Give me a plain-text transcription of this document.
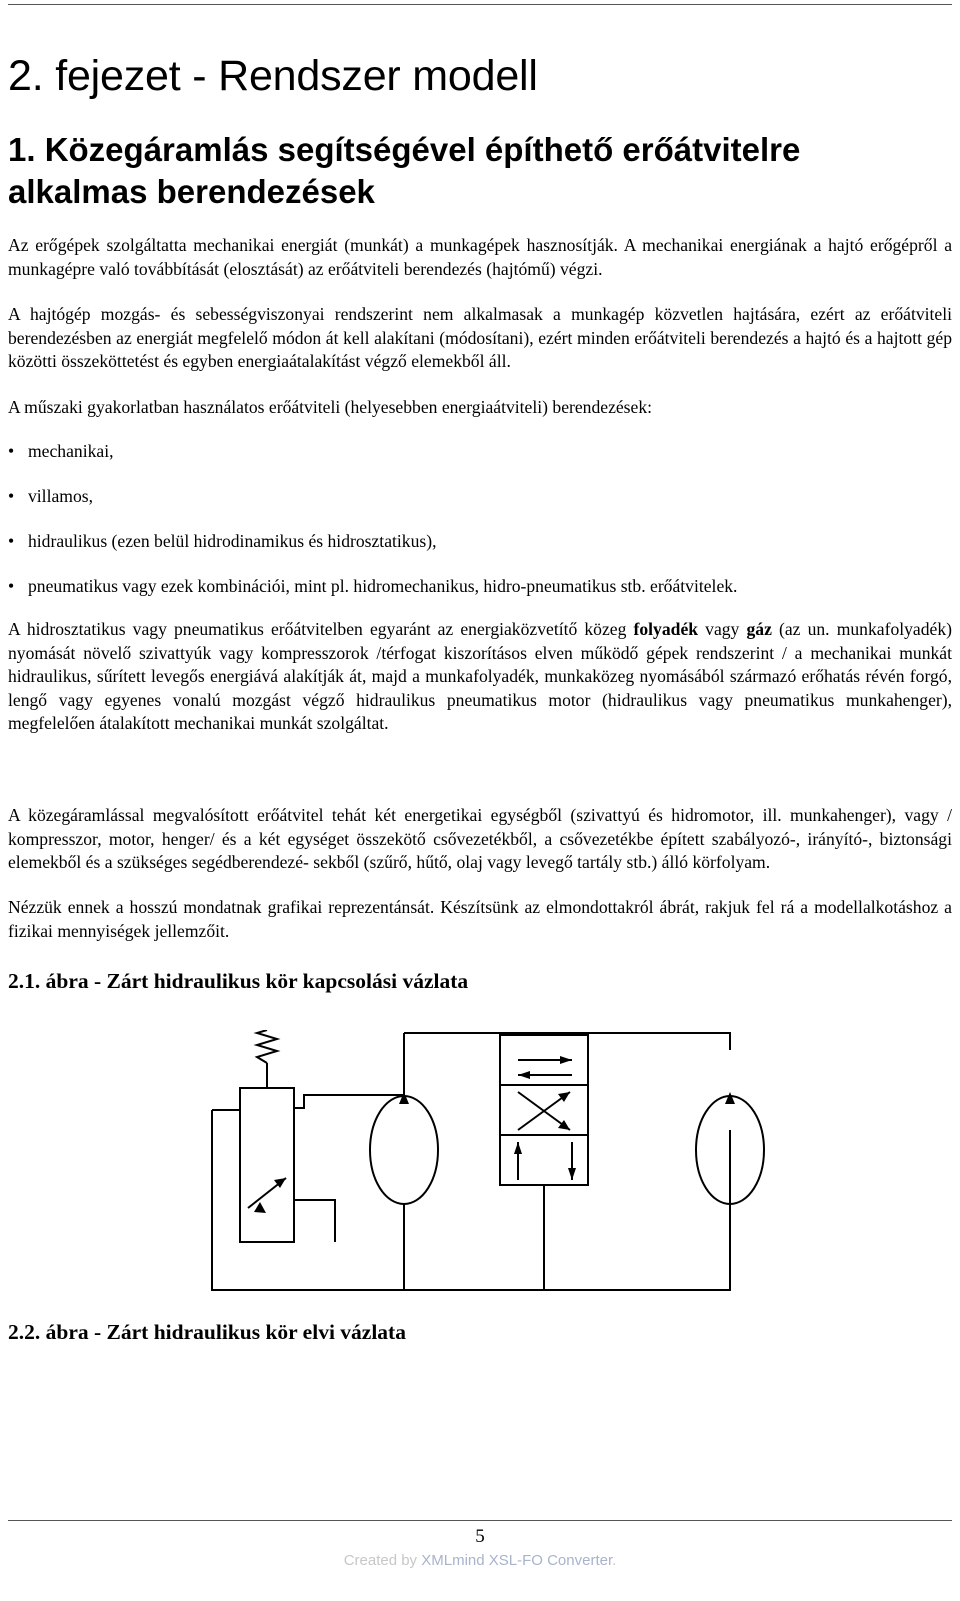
2. fejezet - Rendszer modell
1. Közegáramlás segítségével építhető erőátvitelre alkalmas berendezések

Az erőgépek szolgáltatta mechanikai energiát (munkát) a munkagépek hasznosítják. A mechanikai energiának a hajtó erőgépről a munkagépre való továbbítását (elosztását) az erőátviteli berendezés (hajtómű) végzi.

A hajtógép mozgás- és sebességviszonyai rendszerint nem alkalmasak a munkagép közvetlen hajtására, ezért az erőátviteli berendezésben az energiát megfelelő módon át kell alakítani (módosítani), ezért minden erőátviteli berendezés a hajtó és a hajtott gép közötti összeköttetést és egyben energiaátalakítást végző elemekből áll.

A műszaki gyakorlatban használatos erőátviteli (helyesebben energiaátviteli) berendezések:

• mechanikai,
• villamos,
• hidraulikus (ezen belül hidrodinamikus és hidrosztatikus),
• pneumatikus vagy ezek kombinációi, mint pl. hidromechanikus, hidro-pneumatikus stb. erőátvitelek.

A hidrosztatikus vagy pneumatikus erőátvitelben egyaránt az energiaközvetítő közeg folyadék vagy gáz (az un. munkafolyadék) nyomását növelő szivattyúk vagy kompresszorok /térfogat kiszorításos elven működő gépek rendszerint / a mechanikai munkát hidraulikus, sűrített levegős energiává alakítják át, majd a munkafolyadék, munkaközeg nyomásából származó erőhatás révén forgó, lengő vagy egyenes vonalú mozgást végző hidraulikus pneumatikus motor (hidraulikus vagy pneumatikus munkahenger), megfelelően átalakított mechanikai munkát szolgáltat.

A közegáramlással megvalósított erőátvitel tehát két energetikai egységből (szivattyú és hidromotor, ill. munkahenger), vagy / kompresszor, motor, henger/ és a két egységet összekötő csővezetékből, a csővezetékbe épített szabályozó-, irányító-, biztonsági elemekből és a szükséges segédberendezé- sekből (szűrő, hűtő, olaj vagy levegő tartály stb.) álló körfolyam.

Nézzük ennek a hosszú mondatnak grafikai reprezentánsát. Készítsünk az elmondottakról ábrát, rakjuk fel rá a modellalkotáshoz a fizikai mennyiségek jellemzőit.

2.1. ábra - Zárt hidraulikus kör kapcsolási vázlata
2.2. ábra - Zárt hidraulikus kör elvi vázlata
5
Created by XMLmind XSL-FO Converter.
